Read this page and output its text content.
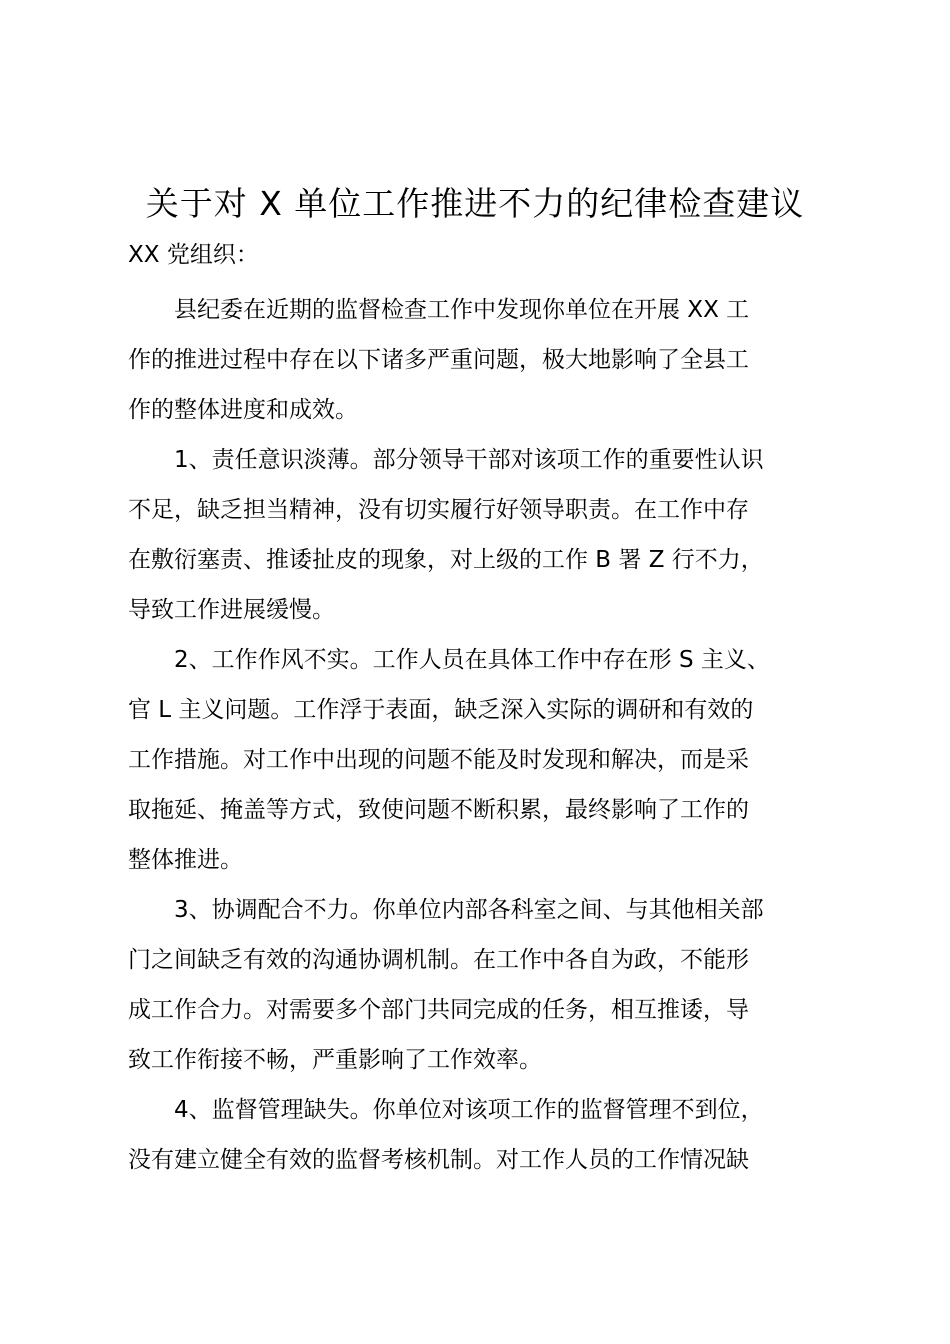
关于对 X 单位工作推进不力的纪律检查建议
XX 党组织：
县纪委在近期的监督检查工作中发现你单位在开展 XX 工
作的推进过程中存在以下诸多严重问题，极大地影响了全县工
作的整体进度和成效。
1、责任意识淡薄。部分领导干部对该项工作的重要性认识
不足，缺乏担当精神，没有切实履行好领导职责。在工作中存
在敷衍塞责、推诿扯皮的现象，对上级的工作 B 署 Z 行不力，
导致工作进展缓慢。
2、工作作风不实。工作人员在具体工作中存在形 S 主义、
官 L 主义问题。工作浮于表面，缺乏深入实际的调研和有效的
工作措施。对工作中出现的问题不能及时发现和解决，而是采
取拖延、掩盖等方式，致使问题不断积累，最终影响了工作的
整体推进。
3、协调配合不力。你单位内部各科室之间、与其他相关部
门之间缺乏有效的沟通协调机制。在工作中各自为政，不能形
成工作合力。对需要多个部门共同完成的任务，相互推诿，导
致工作衔接不畅，严重影响了工作效率。
4、监督管理缺失。你单位对该项工作的监督管理不到位，
没有建立健全有效的监督考核机制。对工作人员的工作情况缺
